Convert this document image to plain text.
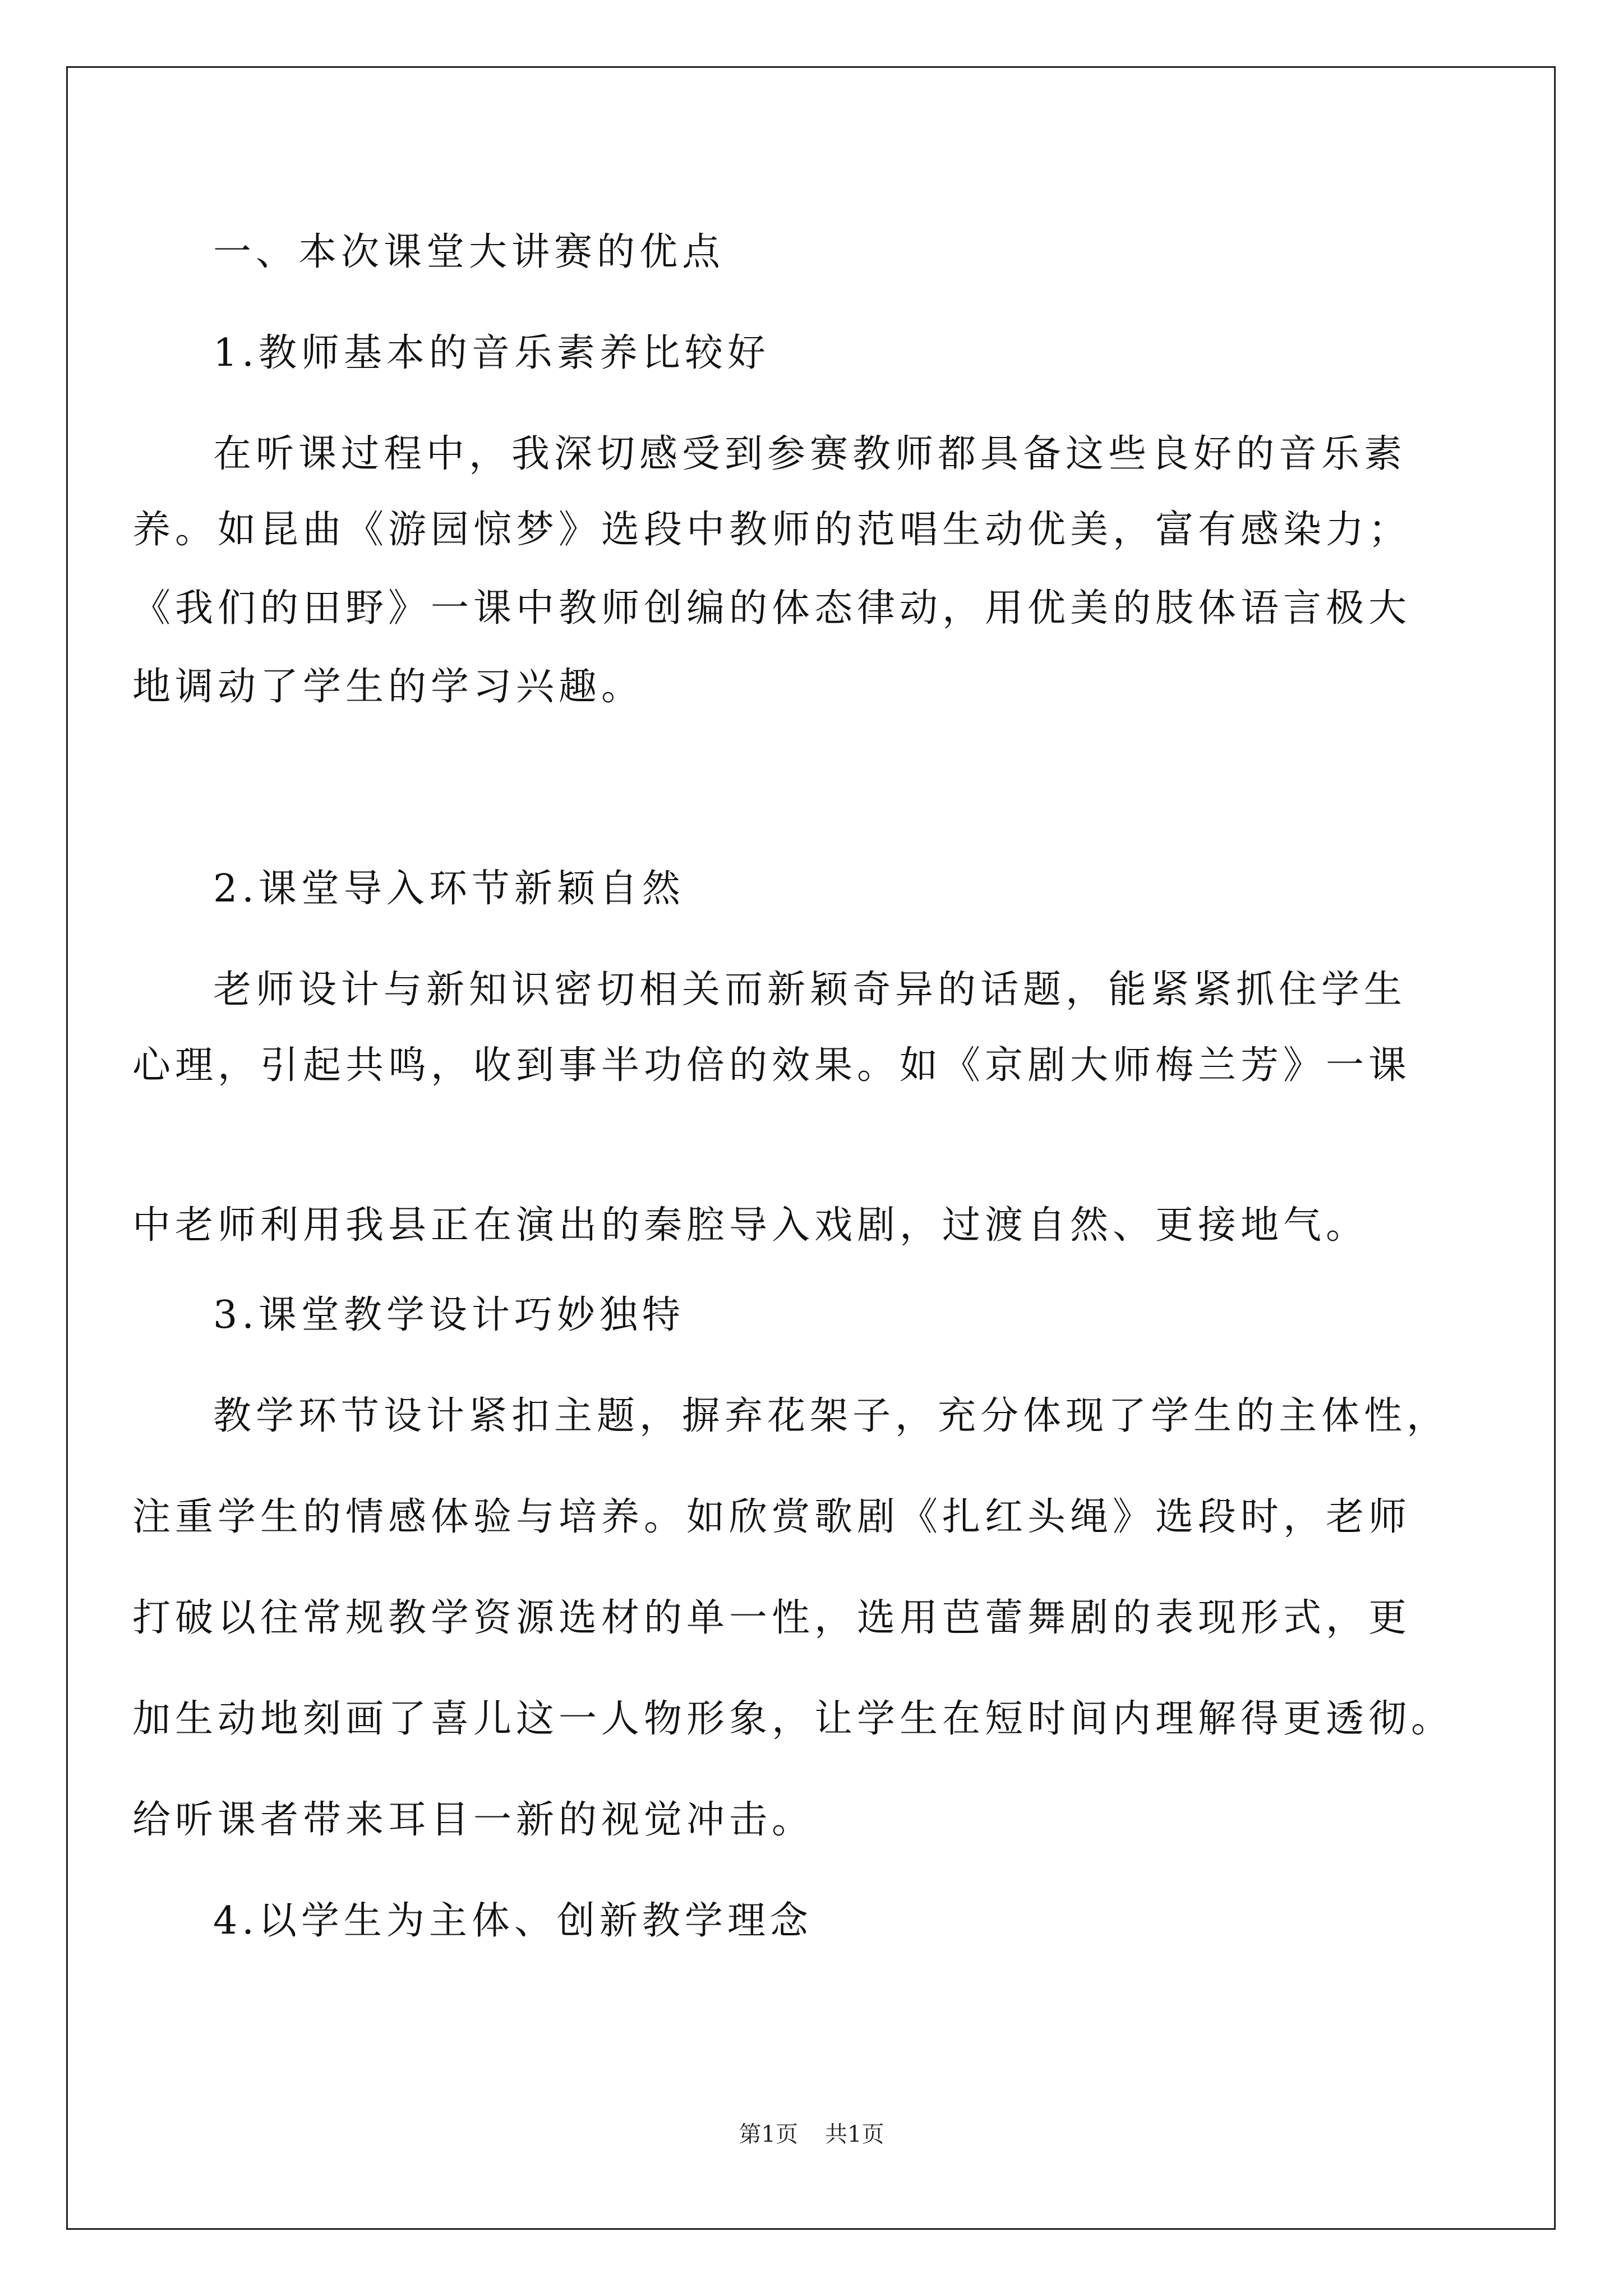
一、本次课堂大讲赛的优点
1.教师基本的音乐素养比较好
在听课过程中，我深切感受到参赛教师都具备这些良好的音乐素
养。如昆曲《游园惊梦》选段中教师的范唱生动优美，富有感染力；
《我们的田野》一课中教师创编的体态律动，用优美的肢体语言极大
地调动了学生的学习兴趣。
2.课堂导入环节新颖自然
老师设计与新知识密切相关而新颖奇异的话题，能紧紧抓住学生
心理，引起共鸣，收到事半功倍的效果。如《京剧大师梅兰芳》一课
中老师利用我县正在演出的秦腔导入戏剧，过渡自然、更接地气。
3.课堂教学设计巧妙独特
教学环节设计紧扣主题，摒弃花架子，充分体现了学生的主体性，
注重学生的情感体验与培养。如欣赏歌剧《扎红头绳》选段时，老师
打破以往常规教学资源选材的单一性，选用芭蕾舞剧的表现形式，更
加生动地刻画了喜儿这一人物形象，让学生在短时间内理解得更透彻。
给听课者带来耳目一新的视觉冲击。
4.以学生为主体、创新教学理念
第1页 共1页
